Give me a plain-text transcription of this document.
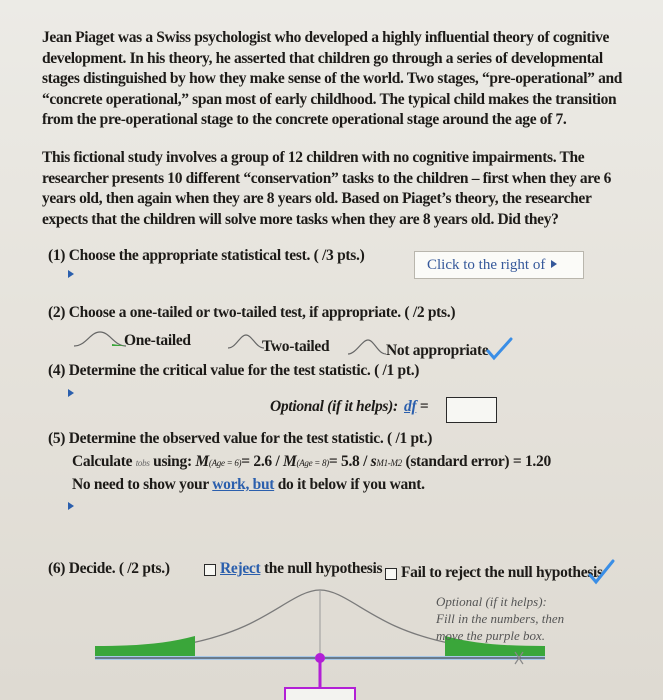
Jean Piaget was a Swiss psychologist who developed a highly influential theory of cognitive
development. In his theory, he asserted that children go through a series of developmental
stages distinguished by how they make sense of the world. Two stages, “pre-operational” and
“concrete operational,” span most of early childhood. The typical child makes the transition
from the pre-operational stage to the concrete operational stage around the age of 7.
This fictional study involves a group of 12 children with no cognitive impairments. The
researcher presents 10 different “conservation” tasks to the children – first when they are 6
years old, then again when they are 8 years old. Based on Piaget’s theory, the researcher
expects that the children will solve more tasks when they are 8 years old. Did they?
(1) Choose the appropriate statistical test. ( /3 pts.)
Click to the right of
(2) Choose a one-tailed or two-tailed test, if appropriate. ( /2 pts.)
One-tailed	Two-tailed	Not appropriate
(4) Determine the critical value for the test statistic. ( /1 pt.)
Optional (if it helps): df =
(5) Determine the observed value for the test statistic. ( /1 pt.)
Calculate tobs using: M(Age = 6)= 2.6 / M(Age = 8)= 5.8 / sM1-M2 (standard error) = 1.20
No need to show your work, but do it below if you want.
(6) Decide. ( /2 pts.)	Reject the null hypothesis Fail to reject the null hypothesis
Optional (if it helps):
Fill in the numbers, then
move the purple box.
